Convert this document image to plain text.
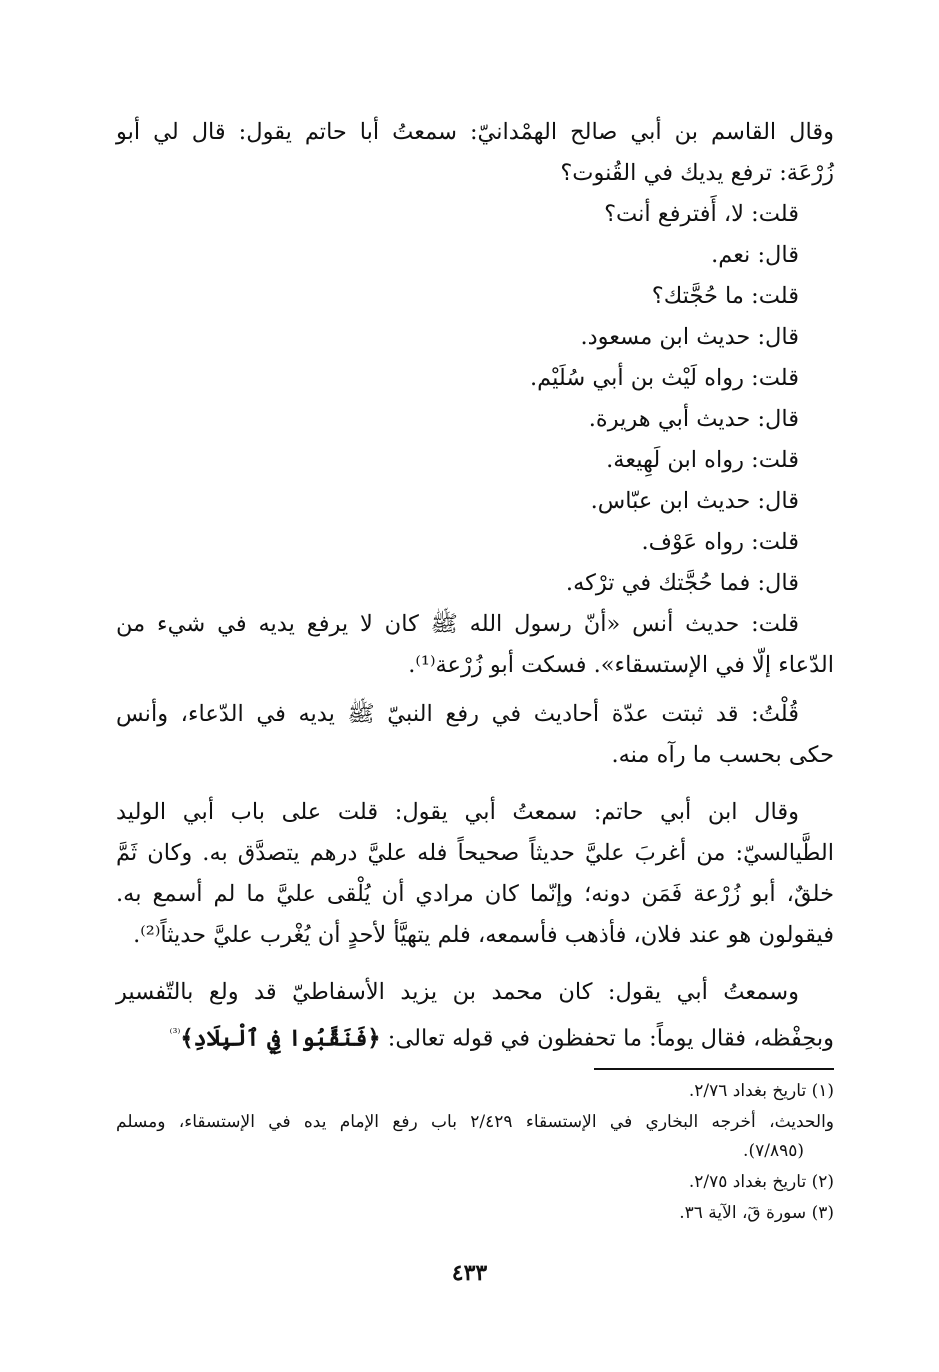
وقال القاسم بن أبي صالح الهمْدانيّ: سمعتُ أبا حاتم يقول: قال لي أبو
زُرْعَة: ترفع يديك في القُنوت؟
قلت: لا، أَفترفع أنت؟
قال: نعم.
قلت: ما حُجَّتك؟
قال: حديث ابن مسعود.
قلت: رواه لَيْث بن أبي سُلَيْم.
قال: حديث أبي هريرة.
قلت: رواه ابن لَهِيعة.
قال: حديث ابن عبّاس.
قلت: رواه عَوْف.
قال: فما حُجَّتك في ترْكه.
قلت: حديث أنس «أنّ رسول الله ﷺ كان لا يرفع يديه في شيء من
الدّعاء إلّا في الإستسقاء». فسكت أبو زُرْعة⁽¹⁾.
قُلْتُ: قد ثبتت عدّة أحاديث في رفع النبيّ ﷺ يديه في الدّعاء، وأنس
حكى بحسب ما رآه منه.
وقال ابن أبي حاتم: سمعتُ أبي يقول: قلت على باب أبي الوليد
الطَّيالسيّ: من أغربَ عليَّ حديثاً صحيحاً فله عليَّ درهم يتصدَّق به. وكان ثَمَّ
خلقٌ، أبو زُرْعة فَمَن دونه؛ وإنّما كان مرادي أن يُلْقى عليَّ ما لم أسمع به.
فيقولون هو عند فلان، فأذهب فأسمعه، فلم يتهيَّأ لأحدٍ أن يُغْرب عليَّ حديثاً⁽²⁾.
وسمعتُ أبي يقول: كان محمد بن يزيد الأسفاطيّ قد ولع بالتّفسير
وبحِفْظه، فقال يوماً: ما تحفظون في قوله تعالى: ﴿فَنَقَّبُوا فِي ٱلْبِلَادِ﴾$^{^{(3)}}$
(١) تاريخ بغداد ٢/٧٦.
والحديث، أخرجه البخاري في الإستسقاء ٢/٤٢٩ باب رفع الإمام يده في الإستسقاء، ومسلم
(٧/٨٩٥).
(٢) تاريخ بغداد ٢/٧٥.
(٣) سورة قٓ، الآية ٣٦.
٤٣٣
